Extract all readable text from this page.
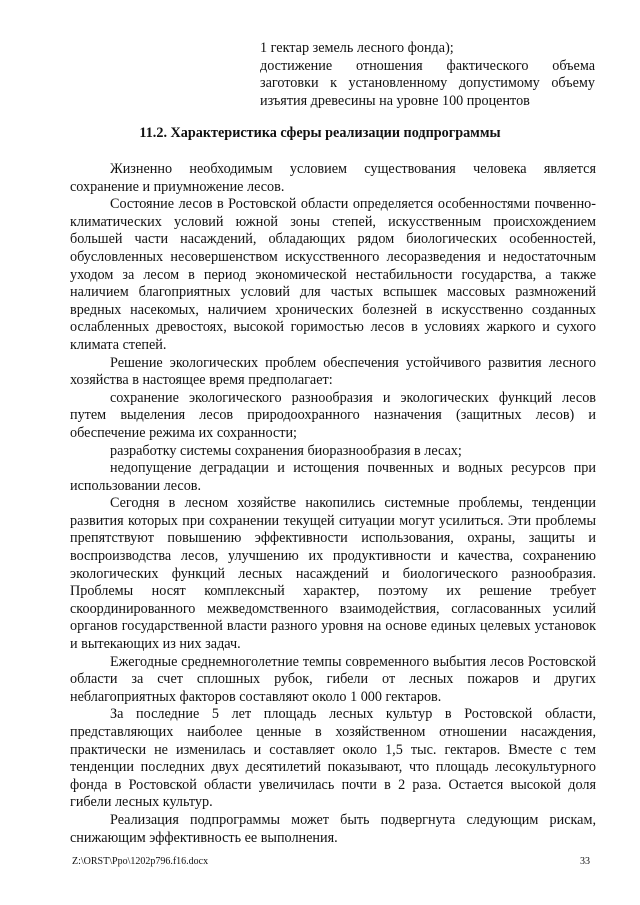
1 гектар земель лесного фонда);

достижение отношения фактического объема

заготовки к установленному допустимому объему

изъятия древесины на уровне 100 процентов

11.2. Характеристика сферы реализации подпрограммы

Жизненно необходимым условием существования человека является сохранение и приумножение лесов.

Состояние лесов в Ростовской области определяется особенностями почвенно-климатических условий южной зоны степей, искусственным происхождением большей части насаждений, обладающих рядом биологических особенностей, обусловленных несовершенством искусственного лесоразведения и недостаточным уходом за лесом в период экономической нестабильности государства, а также наличием благоприятных условий для частых вспышек массовых размножений вредных насекомых, наличием хронических болезней в искусственно созданных ослабленных древостоях, высокой горимостью лесов в условиях жаркого и сухого климата степей.

Решение экологических проблем обеспечения устойчивого развития лесного хозяйства в настоящее время предполагает:

сохранение экологического разнообразия и экологических функций лесов путем выделения лесов природоохранного назначения (защитных лесов) и обеспечение режима их сохранности;

разработку системы сохранения биоразнообразия в лесах;

недопущение деградации и истощения почвенных и водных ресурсов при использовании лесов.

Сегодня в лесном хозяйстве накопились системные проблемы, тенденции развития которых при сохранении текущей ситуации могут усилиться. Эти проблемы препятствуют повышению эффективности использования, охраны, защиты и воспроизводства лесов, улучшению их продуктивности и качества, сохранению экологических функций лесных насаждений и биологического разнообразия. Проблемы носят комплексный характер, поэтому их решение требует скоординированного межведомственного взаимодействия, согласованных усилий органов государственной власти разного уровня на основе единых целевых установок и вытекающих из них задач.

Ежегодные среднемноголетние темпы современного выбытия лесов Ростовской области за счет сплошных рубок, гибели от лесных пожаров и других неблагоприятных факторов составляют около 1 000 гектаров.

За последние 5 лет площадь лесных культур в Ростовской области, представляющих наиболее ценные в хозяйственном отношении насаждения, практически не изменилась и составляет около 1,5 тыс. гектаров. Вместе с тем тенденции последних двух десятилетий показывают, что площадь лесокультурного фонда в Ростовской области увеличилась почти в 2 раза. Остается высокой доля гибели лесных культур.

Реализация подпрограммы может быть подвергнута следующим рискам, снижающим эффективность ее выполнения.

Z:\ORST\Ppo\1202p796.f16.docx	33
